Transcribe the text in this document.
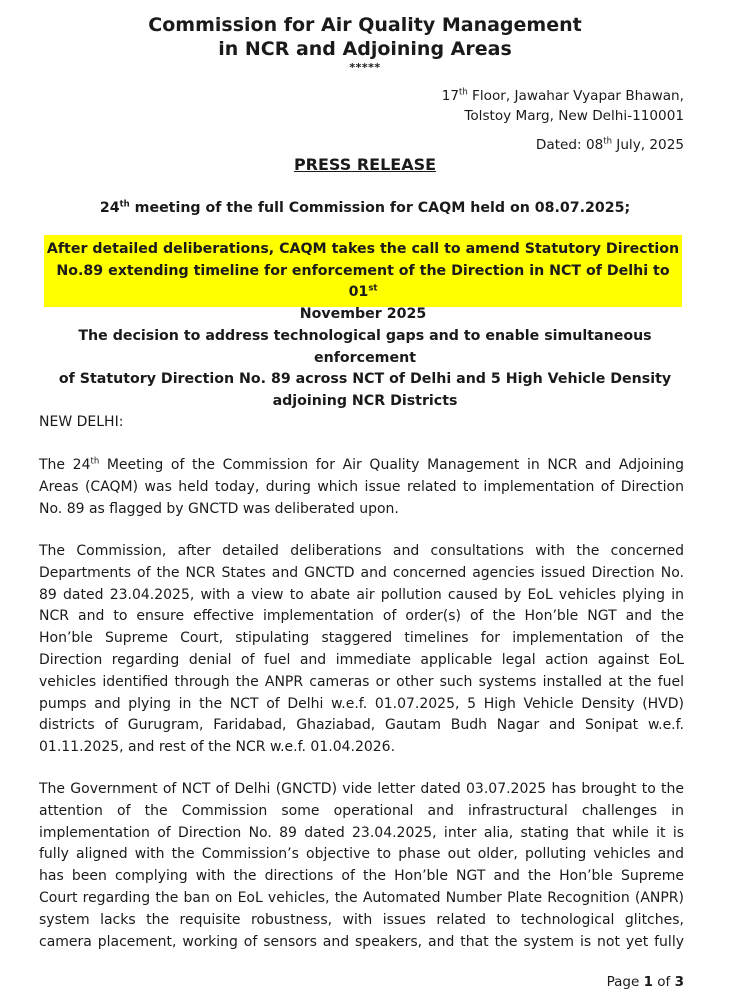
Commission for Air Quality Management
in NCR and Adjoining Areas
*****
17th Floor, Jawahar Vyapar Bhawan,
Tolstoy Marg, New Delhi-110001
Dated: 08th July, 2025
PRESS RELEASE
24th meeting of the full Commission for CAQM held on 08.07.2025;
After detailed deliberations, CAQM takes the call to amend Statutory Direction
No.89 extending timeline for enforcement of the Direction in NCT of Delhi to 01st
November 2025
The decision to address technological gaps and to enable simultaneous enforcement
of Statutory Direction No. 89 across NCT of Delhi and 5 High Vehicle Density
adjoining NCR Districts
NEW DELHI:
The 24th Meeting of the Commission for Air Quality Management in NCR and Adjoining
Areas (CAQM) was held today, during which issue related to implementation of Direction
No. 89 as flagged by GNCTD was deliberated upon.
The Commission, after detailed deliberations and consultations with the concerned
Departments of the NCR States and GNCTD and concerned agencies issued Direction No.
89 dated 23.04.2025, with a view to abate air pollution caused by EoL vehicles plying in
NCR and to ensure effective implementation of order(s) of the Hon’ble NGT and the
Hon’ble Supreme Court, stipulating staggered timelines for implementation of the
Direction regarding denial of fuel and immediate applicable legal action against EoL
vehicles identified through the ANPR cameras or other such systems installed at the fuel
pumps and plying in the NCT of Delhi w.e.f. 01.07.2025, 5 High Vehicle Density (HVD)
districts of Gurugram, Faridabad, Ghaziabad, Gautam Budh Nagar and Sonipat w.e.f.
01.11.2025, and rest of the NCR w.e.f. 01.04.2026.
The Government of NCT of Delhi (GNCTD) vide letter dated 03.07.2025 has brought to the
attention of the Commission some operational and infrastructural challenges in
implementation of Direction No. 89 dated 23.04.2025, inter alia, stating that while it is
fully aligned with the Commission’s objective to phase out older, polluting vehicles and
has been complying with the directions of the Hon’ble NGT and the Hon’ble Supreme
Court regarding the ban on EoL vehicles, the Automated Number Plate Recognition (ANPR)
system lacks the requisite robustness, with issues related to technological glitches,
camera placement, working of sensors and speakers, and that the system is not yet fully
Page 1 of 3
